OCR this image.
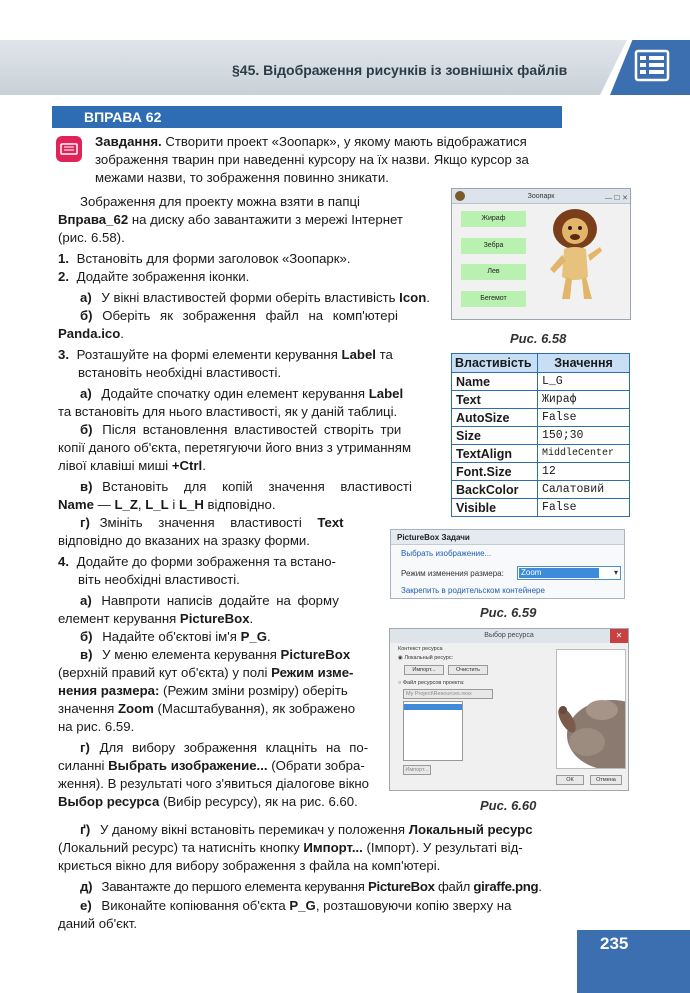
§45. Відображення рисунків із зовнішніх файлів
ВПРАВА 62
Завдання. Створити проект «Зоопарк», у якому мають відображатися
зображення тварин при наведенні курсору на їх назви. Якщо курсор за
межами назви, то зображення повинно зникати.
Зображення для проекту можна взяти в папці
Вправа_62 на диску або завантажити з мережі Інтернет
(рис. 6.58).
1. Встановіть для форми заголовок «Зоопарк».
2. Додайте зображення іконки.
а) У вікні властивостей форми оберіть властивість Icon.
б) Оберіть як зображення файл на комп'ютері
Panda.ico.
3. Розташуйте на формі елементи керування Label та
встановіть необхідні властивості.
а) Додайте спочатку один елемент керування Label
та встановіть для нього властивості, як у даній таблиці.
б) Після встановлення властивостей створіть три
копії даного об'єкта, перетягуючи його вниз з утриманням
лівої клавіші миші +Ctrl.
в) Встановіть для копій значення властивості
Name — L_Z, L_L і L_H відповідно.
г) Змініть значення властивості Text
відповідно до вказаних на зразку форми.
4. Додайте до форми зображення та встано-
віть необхідні властивості.
а) Навпроти написів додайте на форму
елемент керування PictureBox.
б) Надайте об'єктові ім'я P_G.
в) У меню елемента керування PictureBox
(верхній правий кут об'єкта) у полі Режим изме-
нения размера: (Режим зміни розміру) оберіть
значення Zoom (Масштабування), як зображено
на рис. 6.59.
г) Для вибору зображення клацніть на по-
силанні Выбрать изображение... (Обрати зобра-
ження). В результаті чого з'явиться діалогове вікно
Выбор ресурса (Вибір ресурсу), як на рис. 6.60.
ґ) У даному вікні встановіть перемикач у положення Локальный ресурс
(Локальний ресурс) та натисніть кнопку Импорт... (Імпорт). У результаті від-
криється вікно для вибору зображення з файла на комп'ютері.
д) Завантажте до першого елемента керування PictureBox файл giraffe.png.
е) Виконайте копіювання об'єкта P_G, розташовуючи копію зверху на
даний об'єкт.
Зоопарк	— ☐ ✕
Жираф
Зебра
Лев
Бегемот
Рис. 6.58
Властивість	Значення
Name	L_G
Text	Жираф
AutoSize	False
Size	150;30
TextAlign	MiddleCenter
Font.Size	12
BackColor	Салатовий
Visible	False
PictureBox Задачи
Выбрать изображение...
Режим изменения размера:	Zoom	▾
Закрепить в родительском контейнере
Рис. 6.59
Выбор ресурса	✕
Контекст ресурса
◉ Локальный ресурс:
Импорт...	Очистить
○ Файл ресурсов проекта:
My Project\Resources.resx
Импорт...
ОК	Отмена
Рис. 6.60
235
